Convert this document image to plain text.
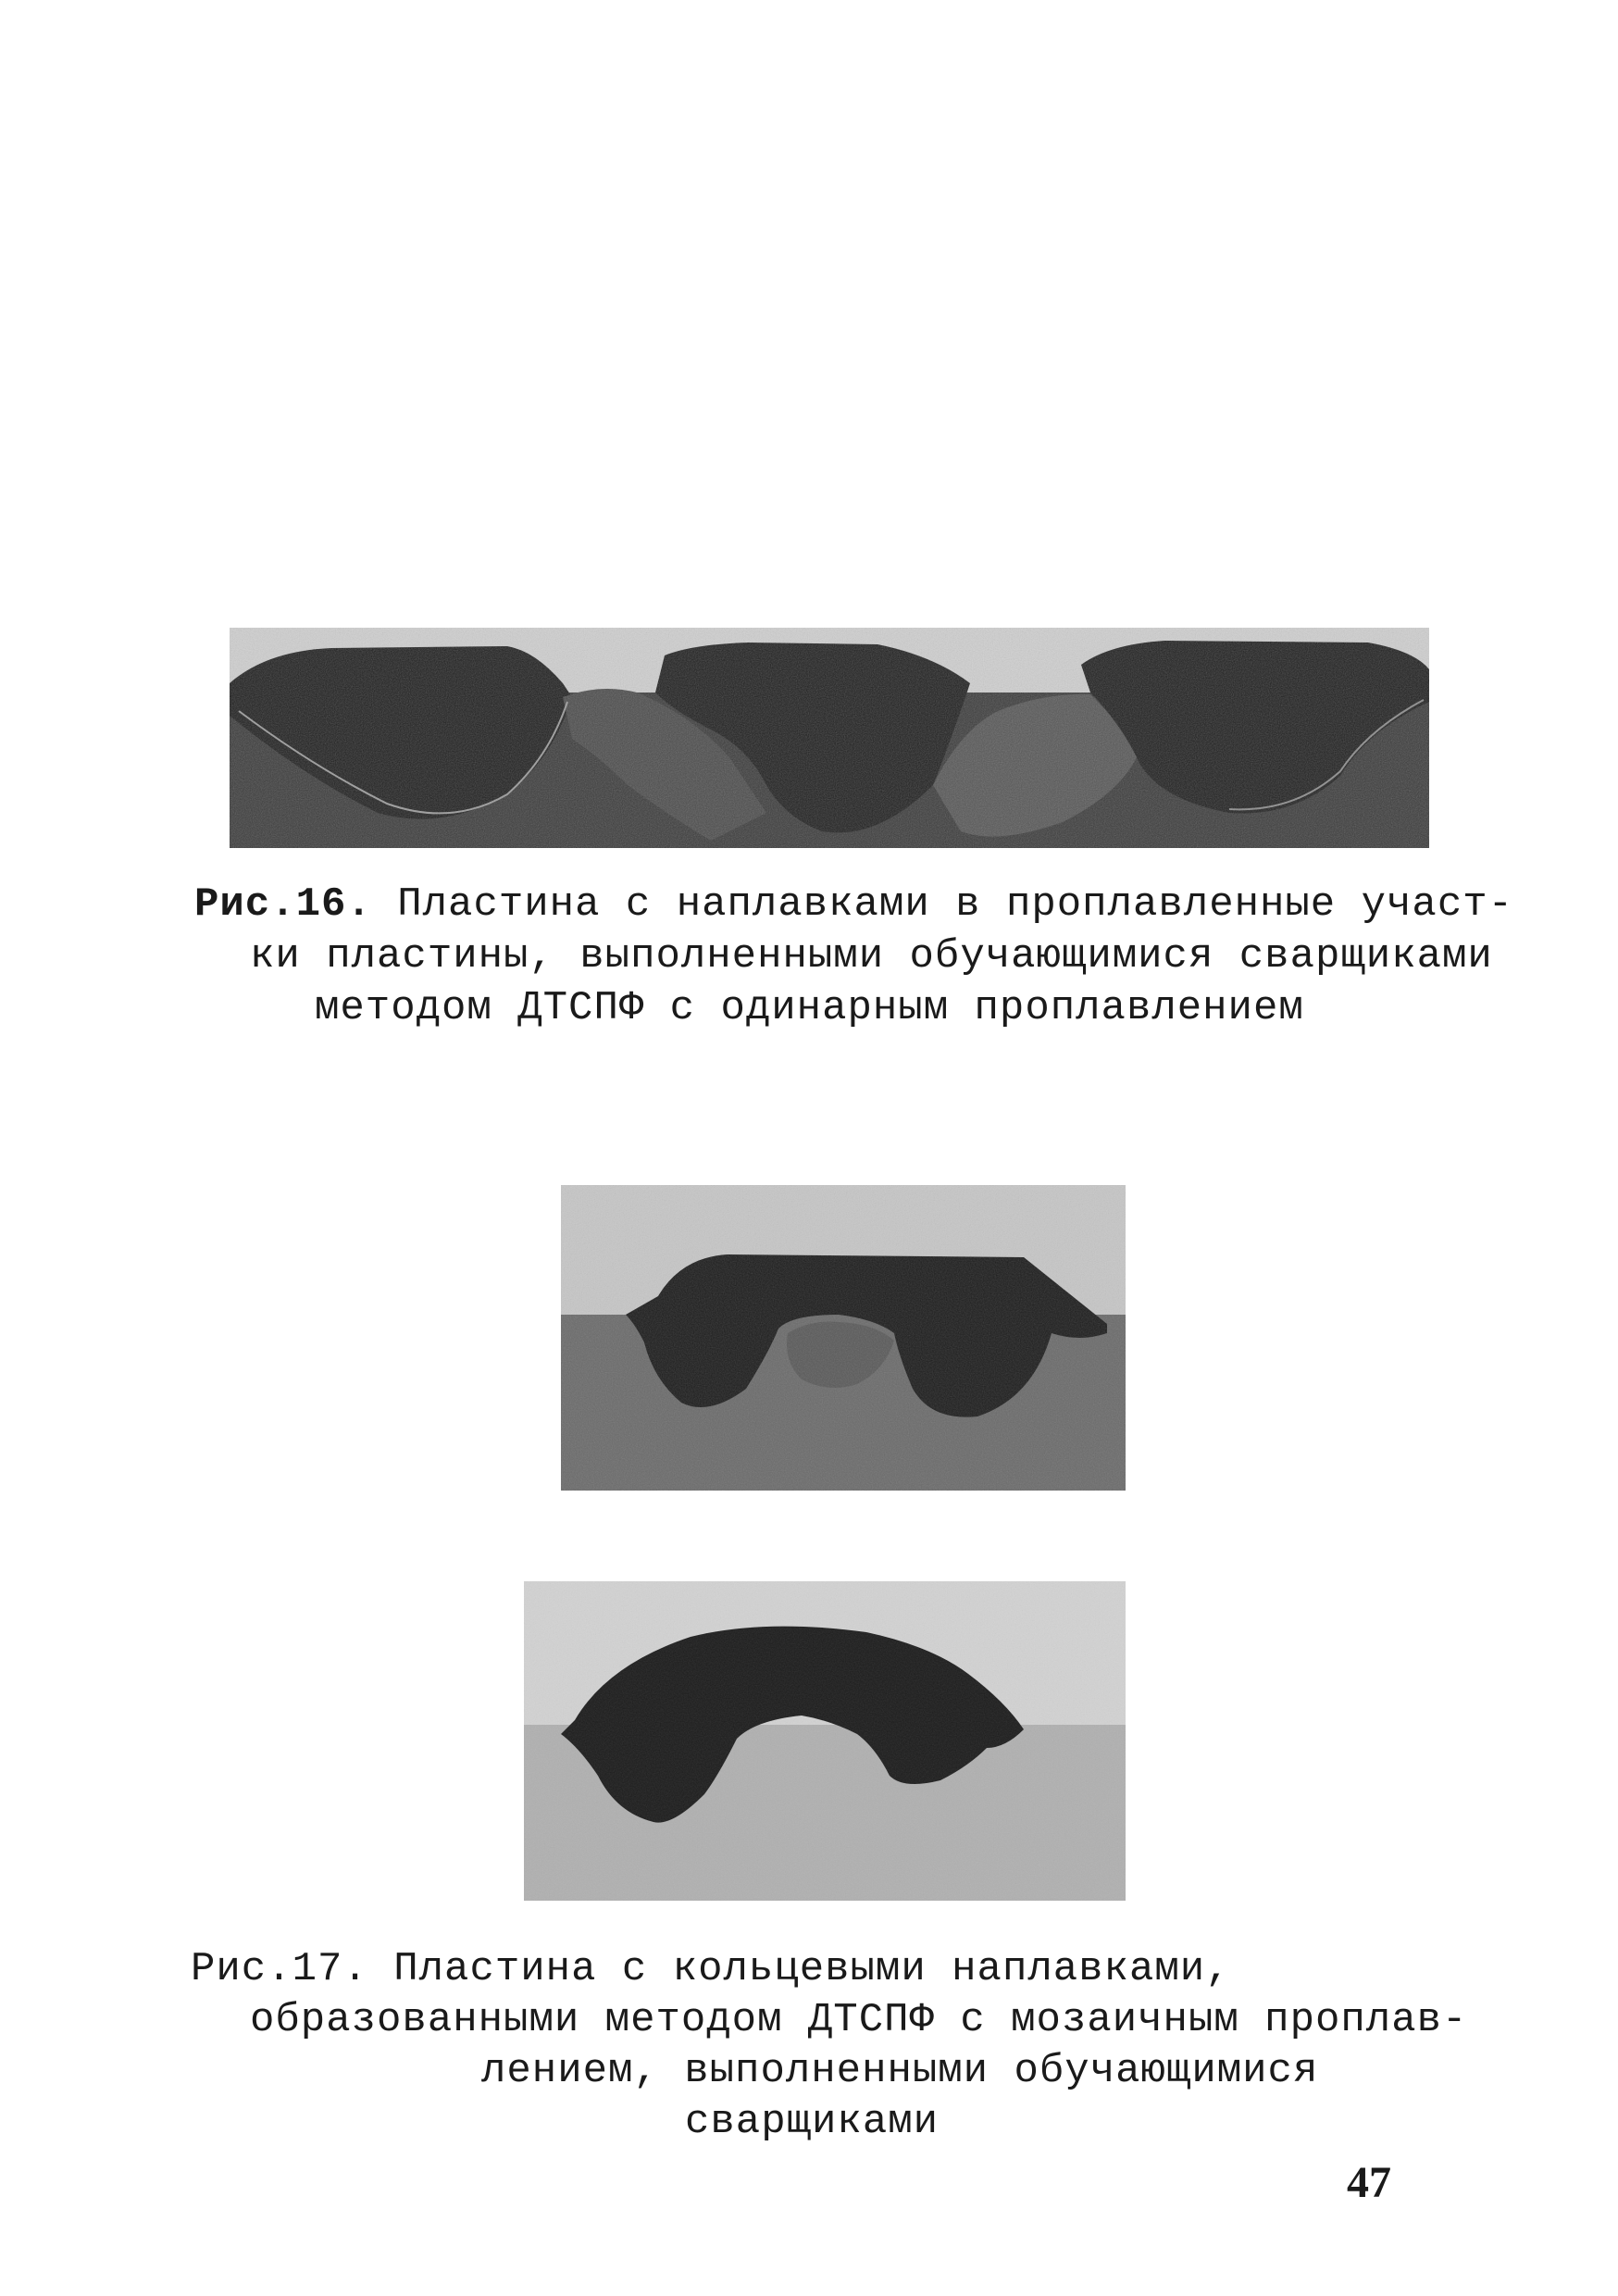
Рис.16. Пластина с наплавками в проплавленные участ-
ки пластины, выполненными обучающимися сварщиками
методом ДТСПФ с одинарным проплавлением
Рис.17. Пластина с кольцевыми наплавками,
образованными методом ДТСПФ с мозаичным проплав-
лением, выполненными обучающимися
сварщиками
47
